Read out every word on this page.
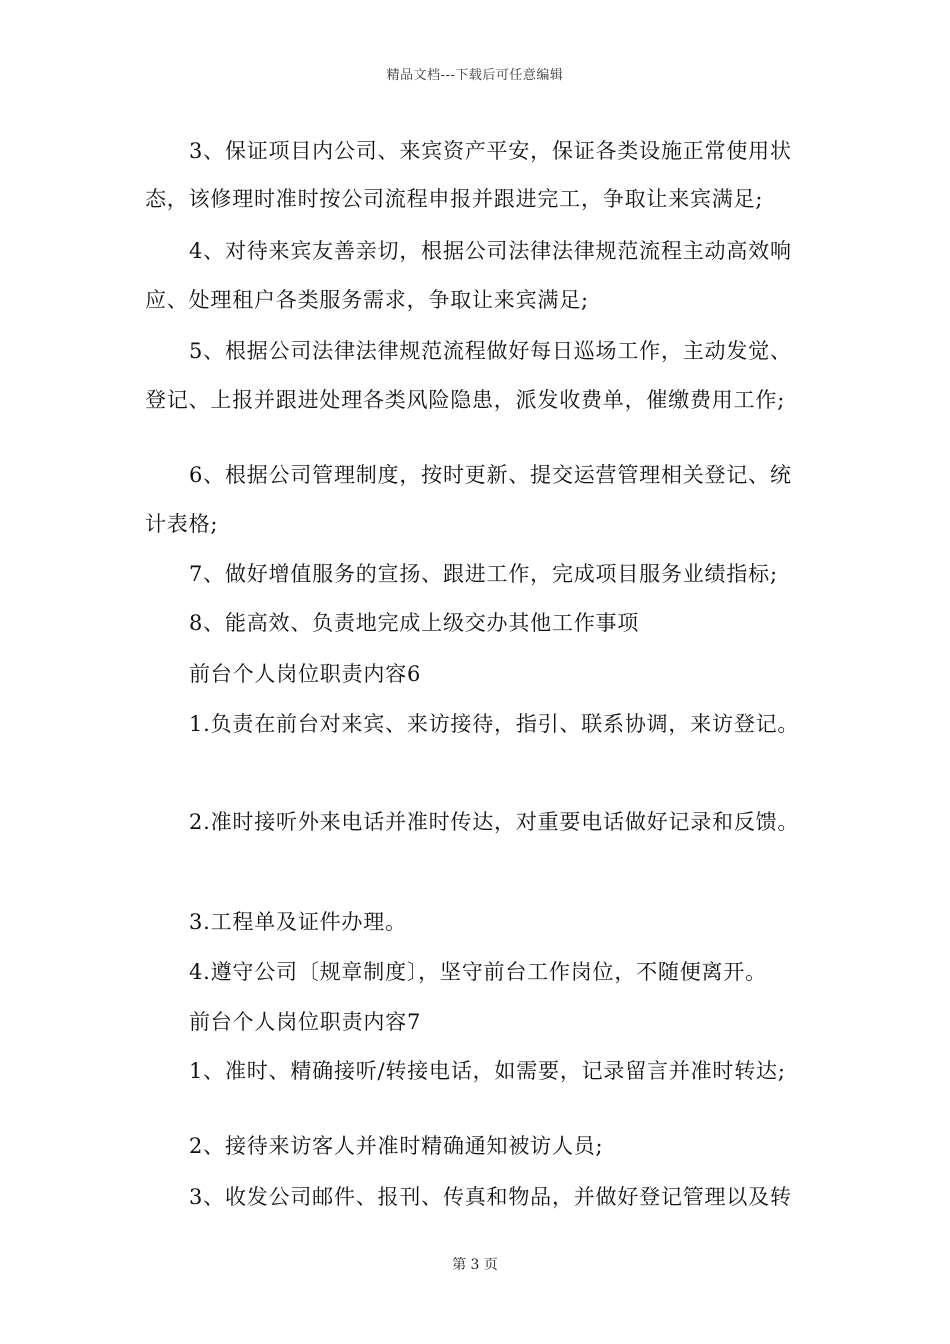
精品文档---下载后可任意编辑
3、保证项目内公司、来宾资产平安，保证各类设施正常使用状
态，该修理时准时按公司流程申报并跟进完工，争取让来宾满足;
4、对待来宾友善亲切，根据公司法律法律规范流程主动高效响
应、处理租户各类服务需求，争取让来宾满足;
5、根据公司法律法律规范流程做好每日巡场工作，主动发觉、
登记、上报并跟进处理各类风险隐患，派发收费单，催缴费用工作;
6、根据公司管理制度，按时更新、提交运营管理相关登记、统
计表格;
7、做好增值服务的宣扬、跟进工作，完成项目服务业绩指标;
8、能高效、负责地完成上级交办其他工作事项
前台个人岗位职责内容6
1.负责在前台对来宾、来访接待，指引、联系协调，来访登记。
2.准时接听外来电话并准时传达，对重要电话做好记录和反馈。
3.工程单及证件办理。
4.遵守公司〔规章制度〕，坚守前台工作岗位，不随便离开。
前台个人岗位职责内容7
1、准时、精确接听/转接电话，如需要，记录留言并准时转达;
2、接待来访客人并准时精确通知被访人员;
3、收发公司邮件、报刊、传真和物品，并做好登记管理以及转
第 3 页
